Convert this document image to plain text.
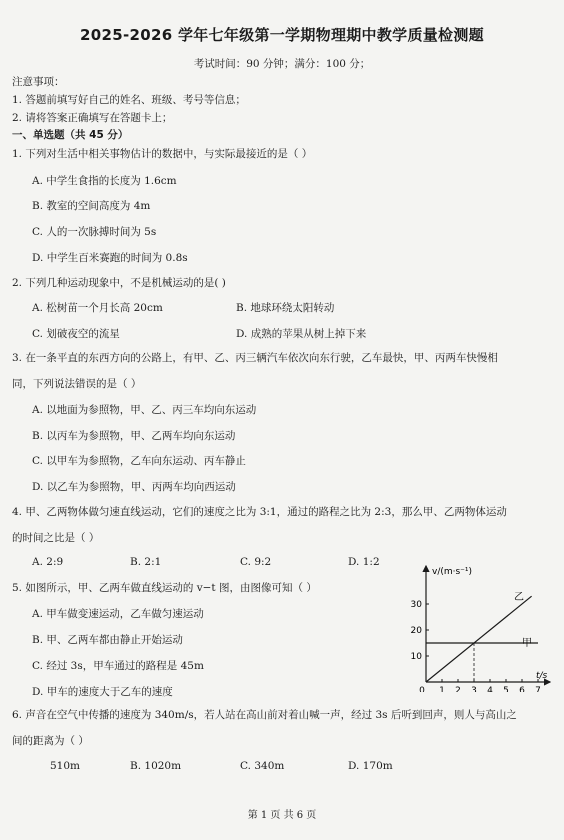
2025-2026 学年七年级第一学期物理期中教学质量检测题
考试时间：90 分钟；满分：100 分；
注意事项：
1. 答题前填写好自己的姓名、班级、考号等信息；
2. 请将答案正确填写在答题卡上；
一、单选题（共 45 分）
1. 下列对生活中相关事物估计的数据中，与实际最接近的是（ ）
A. 中学生食指的长度为 1.6cm
B. 教室的空间高度为 4m
C. 人的一次脉搏时间为 5s
D. 中学生百米赛跑的时间为 0.8s
2. 下列几种运动现象中，不是机械运动的是( )
A. 松树苗一个月长高 20cm	B. 地球环绕太阳转动
C. 划破夜空的流星	D. 成熟的苹果从树上掉下来
3. 在一条平直的东西方向的公路上，有甲、乙、丙三辆汽车依次向东行驶，乙车最快，甲、丙两车快慢相
同，下列说法错误的是（ ）
A. 以地面为参照物，甲、乙、丙三车均向东运动
B. 以丙车为参照物，甲、乙两车均向东运动
C. 以甲车为参照物，乙车向东运动、丙车静止
D. 以乙车为参照物，甲、丙两车均向西运动
4. 甲、乙两物体做匀速直线运动，它们的速度之比为 3:1，通过的路程之比为 2:3，那么甲、乙两物体运动
的时间之比是（ ）
A. 2:9	B. 2:1	C. 9:2	D. 1:2
5. 如图所示，甲、乙两车做直线运动的 v−t 图，由图像可知（ ）
A. 甲车做变速运动，乙车做匀速运动
B. 甲、乙两车都由静止开始运动
C. 经过 3s，甲车通过的路程是 45m
D. 甲车的速度大于乙车的速度
v/(m·s⁻¹)
t/s
10
20
30
0 1 2 3 4 5 6 7
乙
甲
6. 声音在空气中传播的速度为 340m/s，若人站在高山前对着山喊一声，经过 3s 后听到回声，则人与高山之
间的距离为（ ）
510m	B. 1020m	C. 340m	D. 170m
第 1 页 共 6 页
